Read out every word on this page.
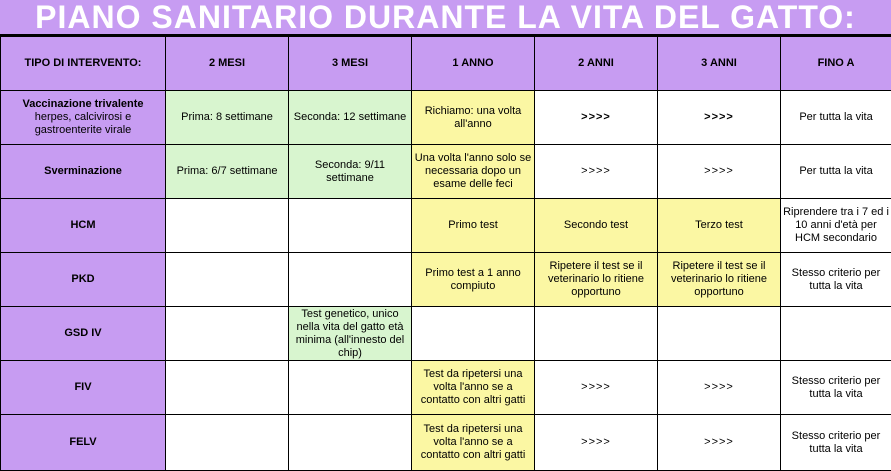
PIANO SANITARIO DURANTE LA VITA DEL GATTO:
TIPO DI INTERVENTO:	2 MESI	3 MESI	1 ANNO	2 ANNI	3 ANNI	FINO A
Vaccinazione trivalente
herpes, calcivirosi e gastroenterite virale	Prima: 8 settimane	Seconda: 12 settimane	Richiamo: una volta all'anno	>>>>	>>>>	Per tutta la vita
Sverminazione	Prima: 6/7 settimane	Seconda: 9/11 settimane	Una volta l'anno solo se necessaria dopo un esame delle feci	>>>>	>>>>	Per tutta la vita
HCM			Primo test	Secondo test	Terzo test	Riprendere tra i 7 ed i 10 anni d'età per HCM secondario
PKD			Primo test a 1 anno compiuto	Ripetere il test se il veterinario lo ritiene opportuno	Ripetere il test se il veterinario lo ritiene opportuno	Stesso criterio per tutta la vita
GSD IV		Test genetico, unico nella vita del gatto età minima (all'innesto del chip)				
FIV			Test da ripetersi una volta l'anno se a contatto con altri gatti	>>>>	>>>>	Stesso criterio per tutta la vita
FELV			Test da ripetersi una volta l'anno se a contatto con altri gatti	>>>>	>>>>	Stesso criterio per tutta la vita
